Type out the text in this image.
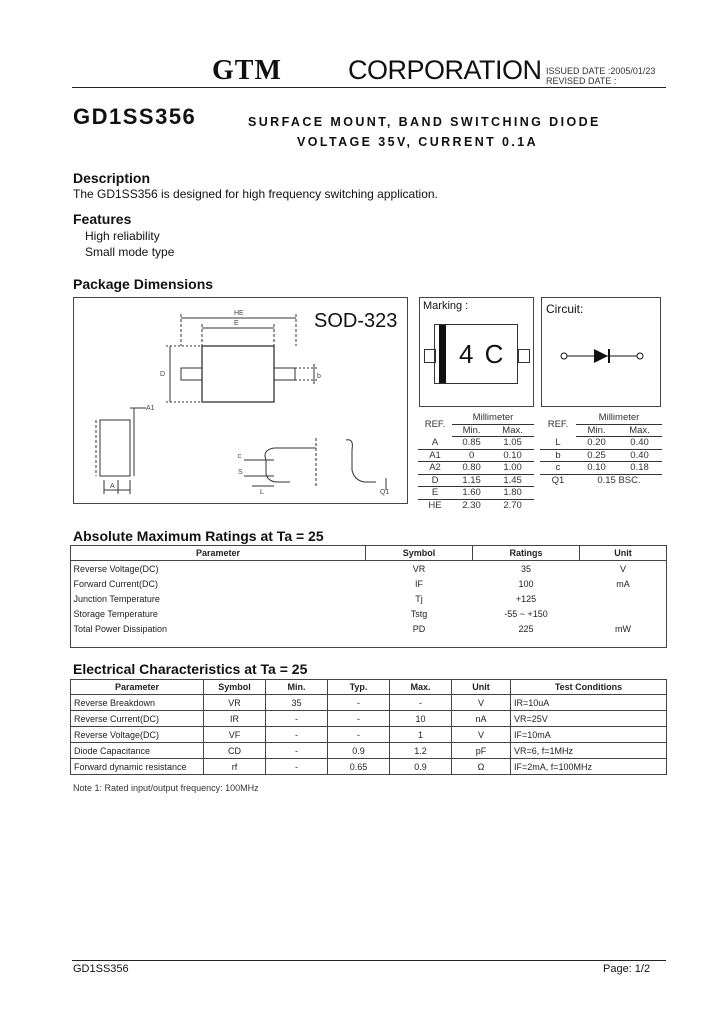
GTM CORPORATION ISSUED DATE :2005/01/23
REVISED DATE :
GD1SS356	SURFACE MOUNT, BAND SWITCHING DIODE
VOLTAGE 35V, CURRENT 0.1A
Description
The GD1SS356 is designed for high frequency switching application.
Features
High reliability
Small mode type
Package Dimensions
SOD-323
HE
E
D	b
A1
A
c
L
S
Q1
Marking :
4 C
Circuit:
REF.	Millimeter	
	Min.	Max.
A	0.85	1.05
A1	0	0.10
A2	0.80	1.00
D	1.15	1.45
E	1.60	1.80
HE	2.30	2.70
REF.	Millimeter	
	Min.	Max.
L	0.20	0.40
b	0.25	0.40
c	0.10	0.18
Q1	0.15 BSC.	
Absolute Maximum Ratings at Ta = 25
Parameter	Symbol	Ratings	Unit
Reverse Voltage(DC)	VR	35	V
Forward Current(DC)	IF	100	mA
Junction Temperature	Tj	+125	
Storage Temperature	Tstg	-55 ~ +150	
Total Power Dissipation	PD	225	mW
Electrical Characteristics at Ta = 25
Parameter	Symbol	Min.	Typ.	Max.	Unit	Test Conditions
Reverse Breakdown	VR	35	-	-	V	IR=10uA
Reverse Current(DC)	IR	-	-	10	nA	VR=25V
Reverse Voltage(DC)	VF	-	-	1	V	IF=10mA
Diode Capacitance	CD	-	0.9	1.2	pF	VR=6, f=1MHz
Forward dynamic resistance	rf	-	0.65	0.9	Ω	IF=2mA, f=100MHz
Note 1: Rated input/output frequency: 100MHz
GD1SS356	Page: 1/2
